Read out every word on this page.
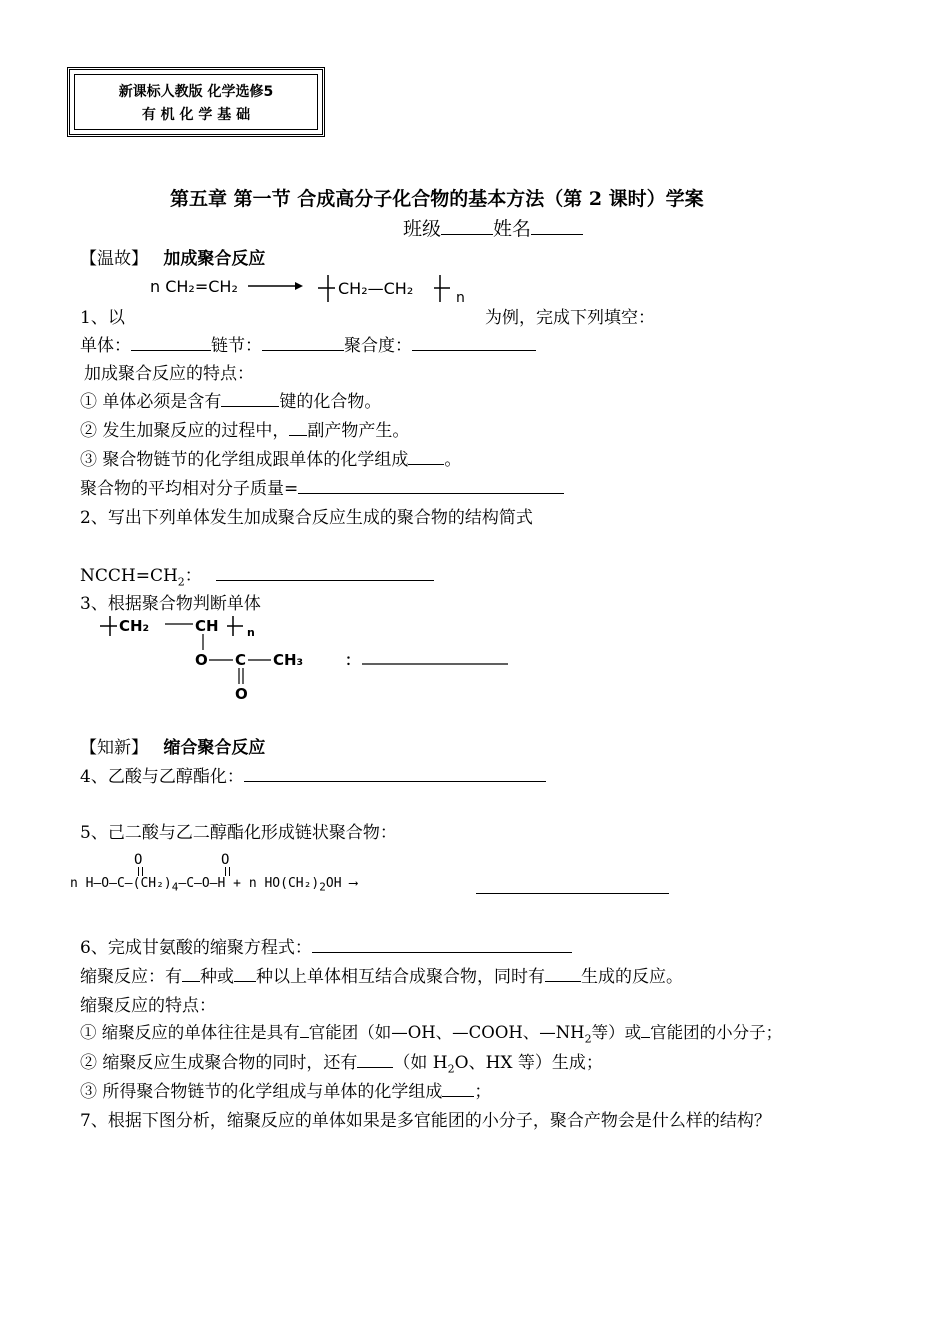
新课标人教版 化学选修5
有 机 化 学 基 础
第五章 第一节 合成高分子化合物的基本方法（第 2 课时）学案
班级	姓名
【温故】 加成聚合反应
n CH₂=CH₂	CH₂—CH₂	n
1、以	为例，完成下列填空：
单体：	链节：	聚合度：
加成聚合反应的特点：
① 单体必须是含有	键的化合物。
② 发生加聚反应的过程中， 副产物产生。
③ 聚合物链节的化学组成跟单体的化学组成 。
聚合物的平均相对分子质量=
2、写出下列单体发生加成聚合反应生成的聚合物的结构简式
$NCCH=CH_2$：
3、根据聚合物判断单体
CH₂	CH	n
O C CH₃
O
：
【知新】 缩合聚合反应
4、乙酸与乙醇酯化：
5、己二酸与乙二醇酯化形成链状聚合物：
O	O
n $H—O—C—(CH_2)_4—C—O—H + n$ $HO(CH_2)_2OH$ ⟶
6、完成甘氨酸的缩聚方程式：
缩聚反应：有 种或 种以上单体相互结合成聚合物，同时有 生成的反应。
缩聚反应的特点：
① 缩聚反应的单体往往是具有 官能团（如—OH、—COOH、$—NH_2$等）或 官能团的小分子；
② 缩聚反应生成聚合物的同时，还有 （如 $H_2O$、HX 等）生成；
③ 所得聚合物链节的化学组成与单体的化学组成 ；
7、根据下图分析，缩聚反应的单体如果是多官能团的小分子，聚合产物会是什么样的结构？
